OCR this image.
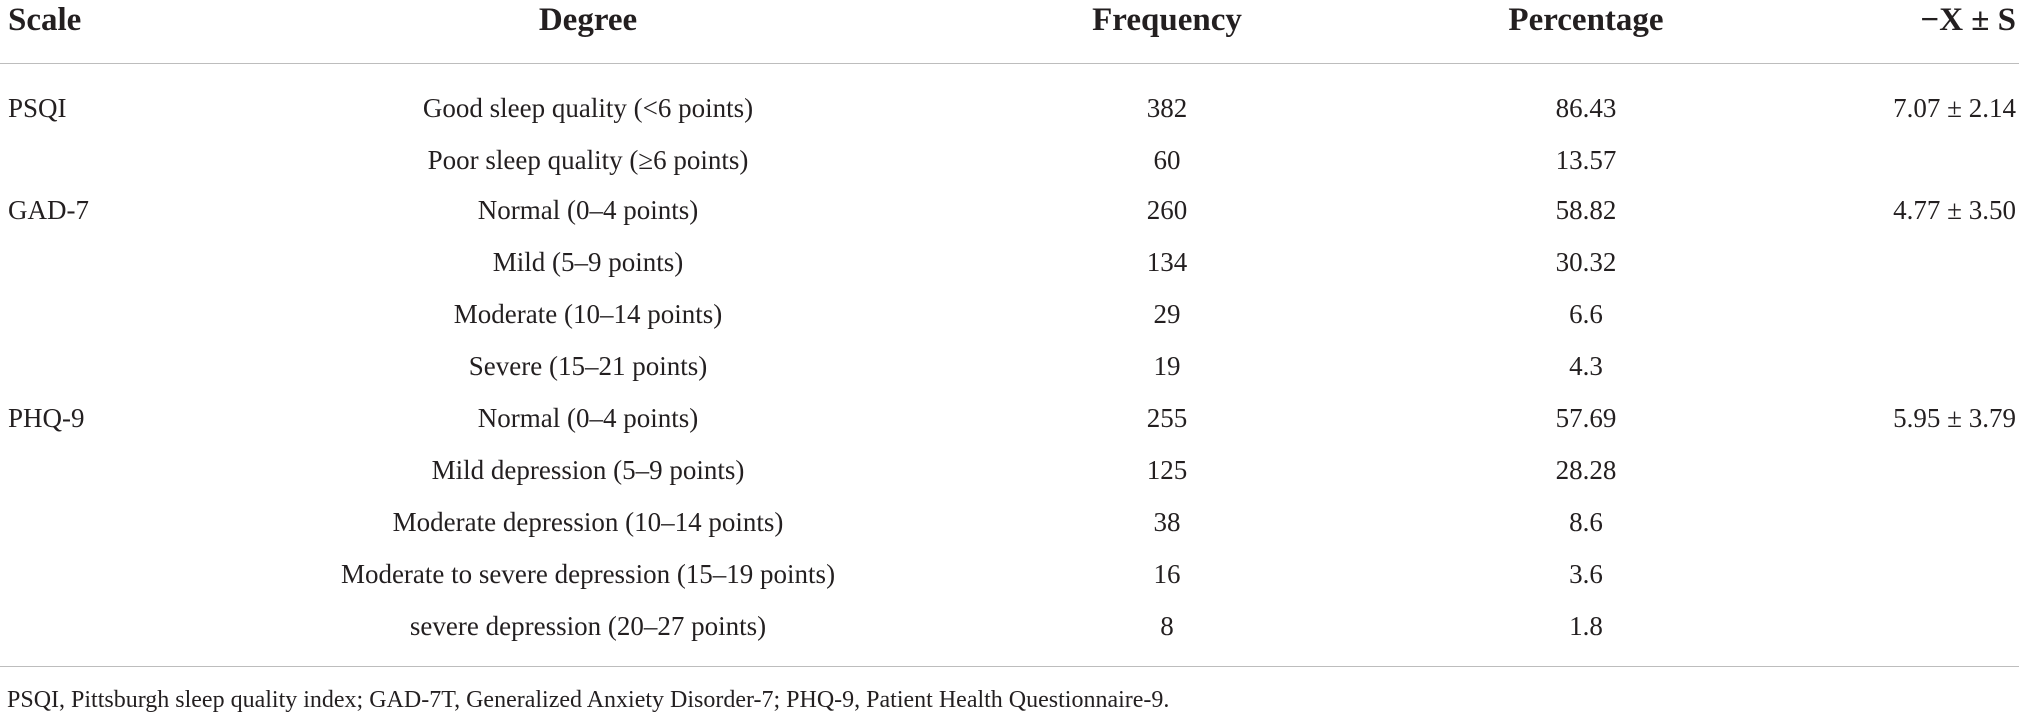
Scale	Degree	Frequency	Percentage	−X ± S
PSQI	Good sleep quality (<6 points)	382	86.43	7.07 ± 2.14
Poor sleep quality (≥6 points)	60	13.57
GAD-7	Normal (0–4 points)	260	58.82	4.77 ± 3.50
Mild (5–9 points)	134	30.32
Moderate (10–14 points)	29	6.6
Severe (15–21 points)	19	4.3
PHQ-9	Normal (0–4 points)	255	57.69	5.95 ± 3.79
Mild depression (5–9 points)	125	28.28
Moderate depression (10–14 points)	38	8.6
Moderate to severe depression (15–19 points)	16	3.6
severe depression (20–27 points)	8	1.8
PSQI, Pittsburgh sleep quality index; GAD-7T, Generalized Anxiety Disorder-7; PHQ-9, Patient Health Questionnaire-9.
